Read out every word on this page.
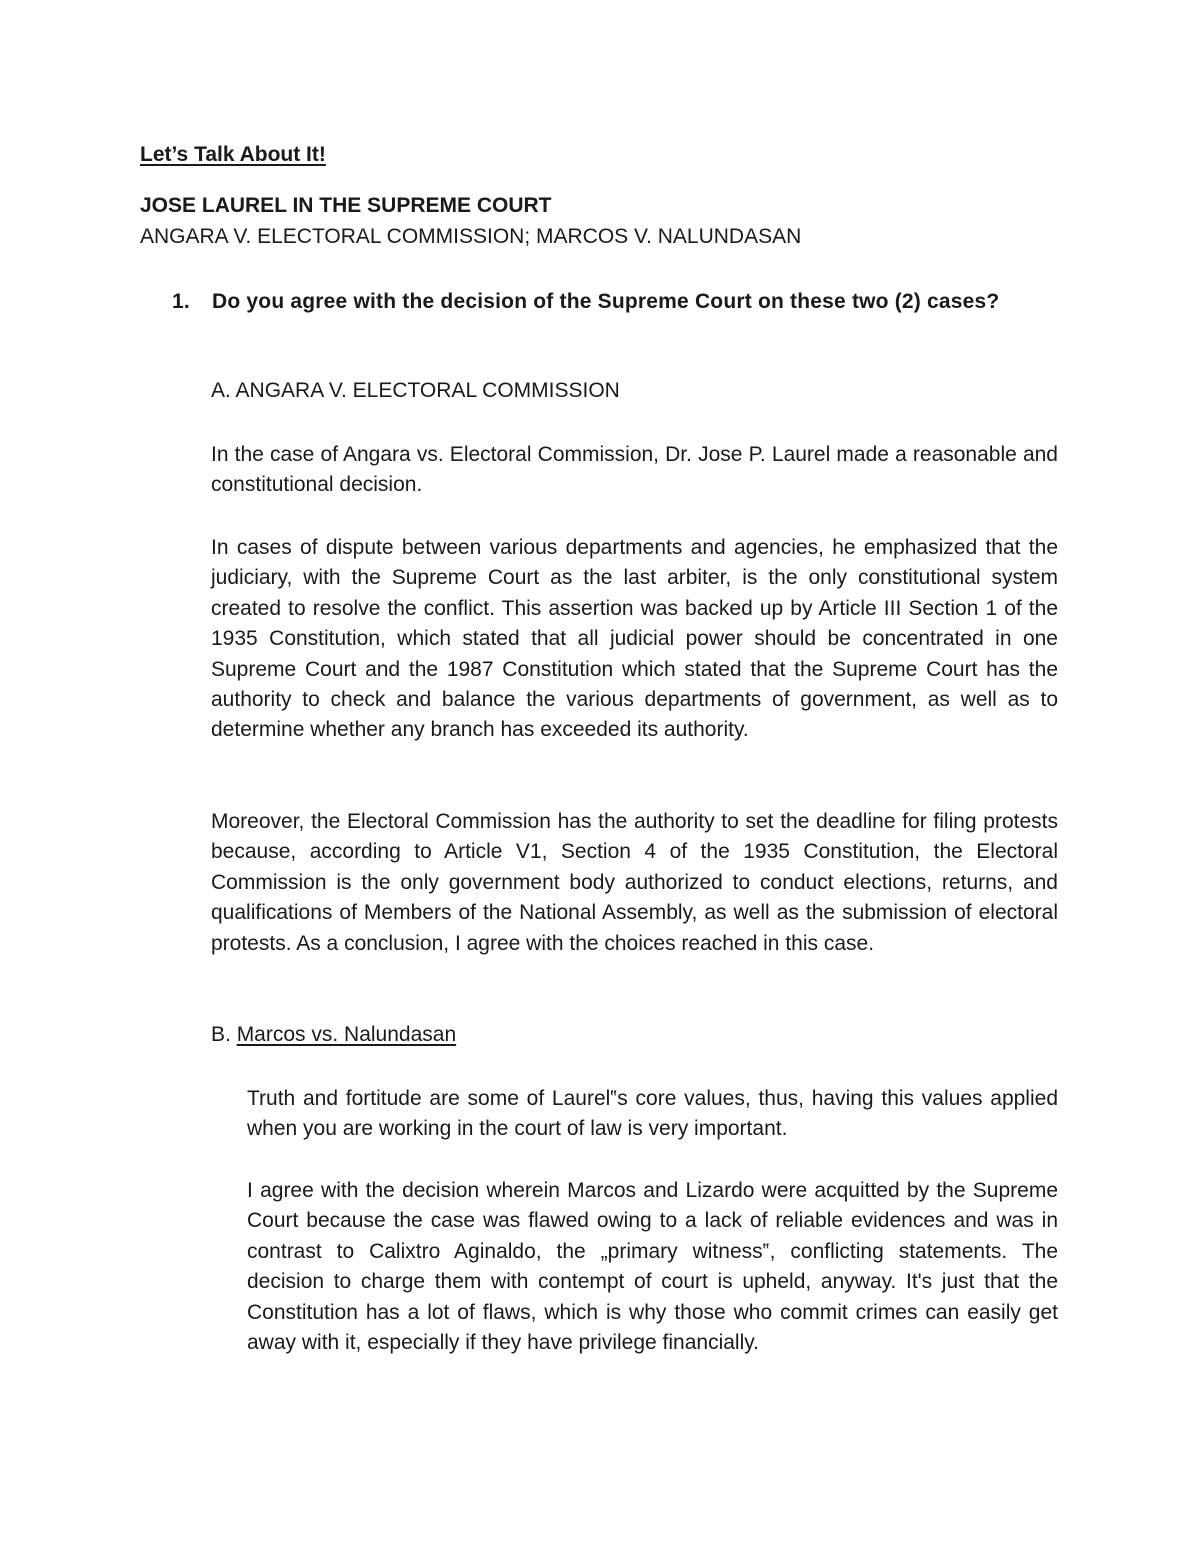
Let’s Talk About It!
JOSE LAUREL IN THE SUPREME COURT
ANGARA V. ELECTORAL COMMISSION; MARCOS V. NALUNDASAN
1. Do you agree with the decision of the Supreme Court on these two (2) cases?
A. ANGARA V. ELECTORAL COMMISSION

In the case of Angara vs. Electoral Commission, Dr. Jose P. Laurel made a reasonable and constitutional decision.

In cases of dispute between various departments and agencies, he emphasized that the judiciary, with the Supreme Court as the last arbiter, is the only constitutional system created to resolve the conflict. This assertion was backed up by Article III Section 1 of the 1935 Constitution, which stated that all judicial power should be concentrated in one Supreme Court and the 1987 Constitution which stated that the Supreme Court has the authority to check and balance the various departments of government, as well as to determine whether any branch has exceeded its authority.

Moreover, the Electoral Commission has the authority to set the deadline for filing protests because, according to Article V1, Section 4 of the 1935 Constitution, the Electoral Commission is the only government body authorized to conduct elections, returns, and qualifications of Members of the National Assembly, as well as the submission of electoral protests. As a conclusion, I agree with the choices reached in this case.

B. Marcos vs. Nalundasan

Truth and fortitude are some of Laurel‟s core values, thus, having this values applied when you are working in the court of law is very important.

I agree with the decision wherein Marcos and Lizardo were acquitted by the Supreme Court because the case was flawed owing to a lack of reliable evidences and was in contrast to Calixtro Aginaldo, the „primary witness‟, conflicting statements. The decision to charge them with contempt of court is upheld, anyway. It's just that the Constitution has a lot of flaws, which is why those who commit crimes can easily get away with it, especially if they have privilege financially.
